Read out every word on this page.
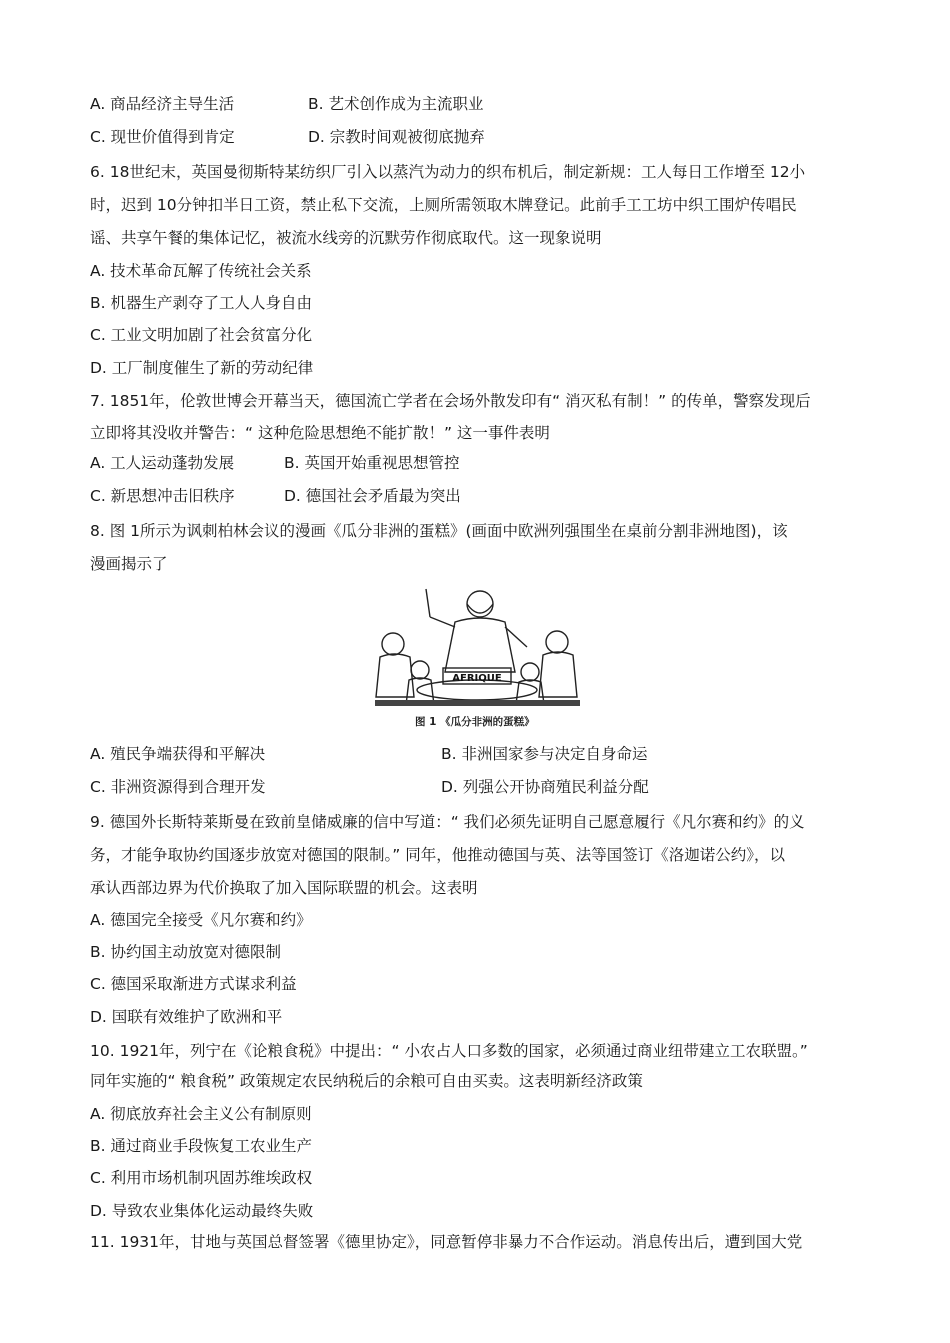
A. 商品经济主导生活	B. 艺术创作成为主流职业
C. 现世价值得到肯定	D. 宗教时间观被彻底抛弃
6. 18世纪末，英国曼彻斯特某纺织厂引入以蒸汽为动力的织布机后，制定新规：工人每日工作增至 12小
时，迟到 10分钟扣半日工资，禁止私下交流，上厕所需领取木牌登记。此前手工工坊中织工围炉传唱民
谣、共享午餐的集体记忆，被流水线旁的沉默劳作彻底取代。这一现象说明
A. 技术革命瓦解了传统社会关系
B. 机器生产剥夺了工人人身自由
C. 工业文明加剧了社会贫富分化
D. 工厂制度催生了新的劳动纪律
7. 1851年，伦敦世博会开幕当天，德国流亡学者在会场外散发印有“ 消灭私有制！” 的传单，警察发现后
立即将其没收并警告：“ 这种危险思想绝不能扩散！” 这一事件表明
A. 工人运动蓬勃发展	B. 英国开始重视思想管控
C. 新思想冲击旧秩序	D. 德国社会矛盾最为突出
8. 图 1所示为讽刺柏林会议的漫画《瓜分非洲的蛋糕》(画面中欧洲列强围坐在桌前分割非洲地图)，该
漫画揭示了
AFRIQUE
图 1 《瓜分非洲的蛋糕》
A. 殖民争端获得和平解决	B. 非洲国家参与决定自身命运
C. 非洲资源得到合理开发	D. 列强公开协商殖民利益分配
9. 德国外长斯特莱斯曼在致前皇储威廉的信中写道：“ 我们必须先证明自己愿意履行《凡尔赛和约》的义
务，才能争取协约国逐步放宽对德国的限制。” 同年，他推动德国与英、法等国签订《洛迦诺公约》，以
承认西部边界为代价换取了加入国际联盟的机会。这表明
A. 德国完全接受《凡尔赛和约》
B. 协约国主动放宽对德限制
C. 德国采取渐进方式谋求利益
D. 国联有效维护了欧洲和平
10. 1921年，列宁在《论粮食税》中提出：“ 小农占人口多数的国家，必须通过商业纽带建立工农联盟。”
同年实施的“ 粮食税” 政策规定农民纳税后的余粮可自由买卖。这表明新经济政策
A. 彻底放弃社会主义公有制原则
B. 通过商业手段恢复工农业生产
C. 利用市场机制巩固苏维埃政权
D. 导致农业集体化运动最终失败
11. 1931年，甘地与英国总督签署《德里协定》，同意暂停非暴力不合作运动。消息传出后，遭到国大党
